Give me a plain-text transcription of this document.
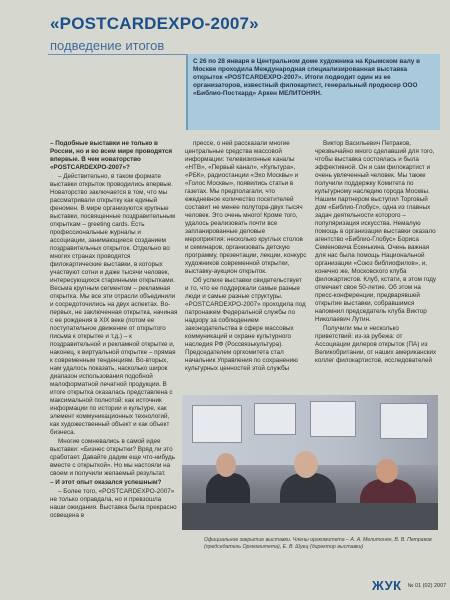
«POSTCARDEXPO-2007»
подведение итогов

С 26 по 28 января в Центральном доме художника на Крымском валу в Москве проходила Международная специализированная выставка открыток «POSTCARDEXPO-2007». Итоги подводит один из ее организаторов, известный филокартист, генеральный продюсер ООО «Библио-Посткард» Аркен МЕЛИТОНЯН.

– Подобные выставки не только в России, но и во всем мире проводятся впервые. В чем новаторство «POSTCARDEXPO-2007»?

– Действительно, в таком формате выставки открыток проводились впервые. Новаторство заключается в том, что мы рассматривали открытку как единый феномен. В мире организуются крупные выставки, посвященные поздравительным открыткам – greeting cards. Есть профессиональные журналы и ассоциации, занимающиеся созданием поздравительных открыток. Отдельно во многих странах проводятся филокартические выставки, в которых участвуют сотни и даже тысячи человек, интересующихся старинными открытками. Весьма крупным сегментом – рекламная открытка. Мы все эти отрасли объединили и сосредоточились на двух аспектах. Во-первых, не заключенная открытка, начиная с ее рождения в XIX веке (потом ее поступательное движение от открытого письма к открытке и т.д.) – к поздравительной и рекламной открытке и, наконец, к виртуальной открытке – прямая к современным тенденциям. Во-вторых, нам удалось показать, насколько широк диапазон использования подобной малоформатной печатной продукции. В итоге открытка оказалась представлена с максимальной полнотой: как источник информации по истории и культуре, как элемент коммуникационных технологий, как художественный объект и как объект бизнеса.

Многие сомневались в самой идее выставки: «Бизнес открытки? Вряд ли это сработает. Давайте дадим еще что-нибудь вместе с открыткой». Но мы настояли на своем и получили желаемый результат.

– И этот опыт оказался успешным?

– Более того, «POSTCARDEXPO-2007» не только оправдала, но и превзошла наши ожидания. Выставка была прекрасно освещена в

прессе, о ней рассказали многие центральные средства массовой информации: телевизионные каналы «НТВ», «Первый канал», «Культура», «РБК», радиостанции «Эхо Москвы» и «Голос Москвы», появились статьи в газетах. Мы предполагали, что ежедневное количество посетителей составит не менее полутора-двух тысяч человек. Это очень много! Кроме того, удалось реализовать почти все запланированные деловые мероприятия: несколько круглых столов и семинаров, организовать детскую программу, презентации, лекции, конкурс художников современной открытки, выставку-аукцион открыток.

Об успехе выставки свидетельствует и то, что ее поддержали самые разные люди и самые разные структуры. «POSTCARDEXPO-2007» проходила под патронажем Федеральной службы по надзору за соблюдением законодательства в сфере массовых коммуникаций и охране культурного наследия РФ (Россвязькультура). Председателем оргкомитета стал начальник Управления по сохранению культурных ценностей этой службы

Виктор Васильевич Петраков, чрезвычайно много сделавший для того, чтобы выставка состоялась и была эффективной. Он и сам филокартист и очень увлеченный человек. Мы также получили поддержку Комитета по культурному наследию города Москвы. Нашим партнером выступил Торговый дом «Библио-Глобус», одна из главных задач деятельности которого – популяризация искусства. Немалую помощь в организации выставки оказало агентство «Библио-Глобус» Бориса Семеновича Есенькина. Очень важная для нас была помощь Национальной организации «Союз библиофилов», и, конечно же, Московского клуба филокартистов. Клуб, кстати, в этом году отмечает свое 50-летие. Об этом на пресс-конференции, предварявшей открытие выставки, собравшимся напомнил председатель клуба Виктор Николаевич Лутин.

Получили мы и несколько приветствий: из-за рубежа: от Ассоциации дилеров открыток (ПА) из Великобритании, от наших американских коллег филокартистов, исследователей

Официальное закрытие выставки. Члены оргкомитета – А. А. Мелитонян, В. В. Петраков (председатель Оргкомитета), Е. В. Шуец (директор выставки)
ЖУК № 01 (02) 2007
